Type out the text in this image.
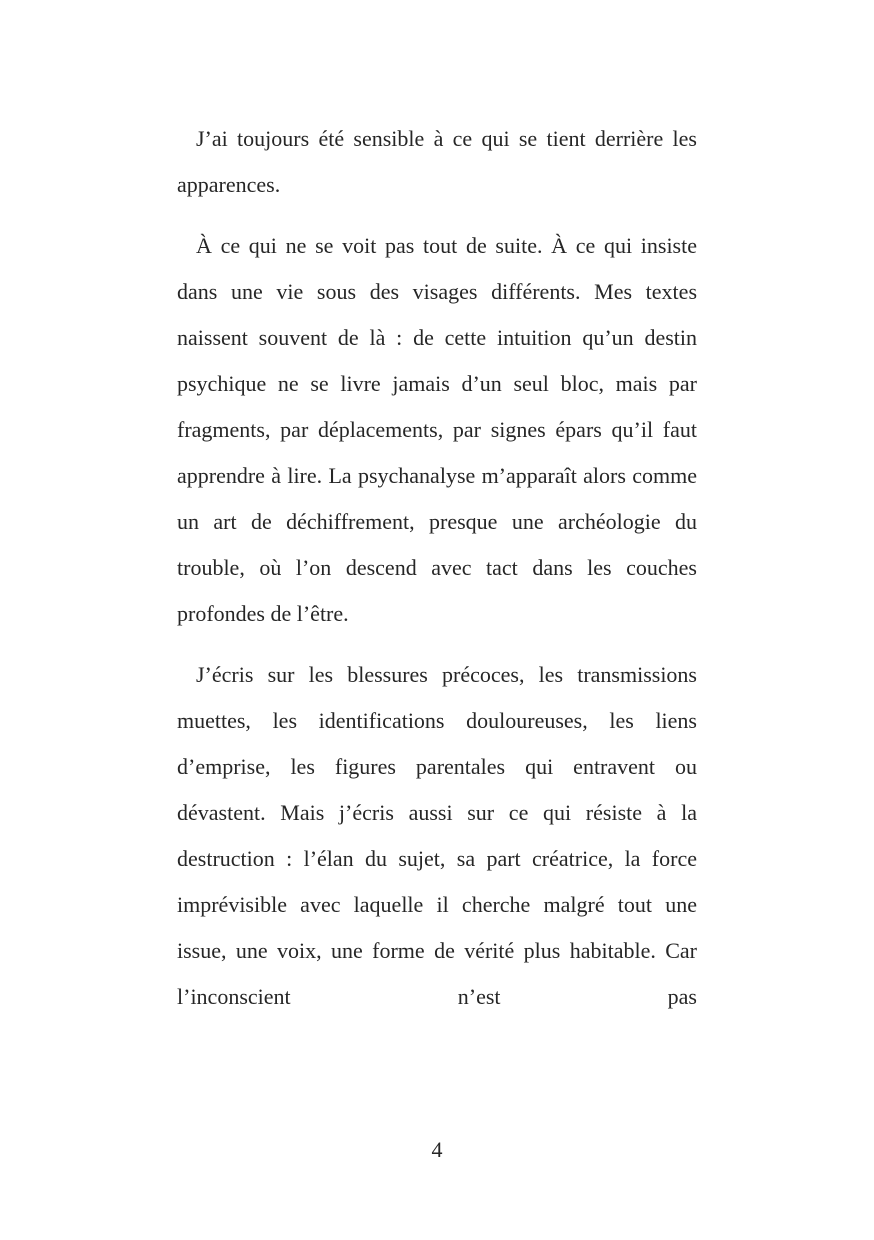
J’ai toujours été sensible à ce qui se tient derrière les apparences.

À ce qui ne se voit pas tout de suite. À ce qui insiste dans une vie sous des visages différents. Mes textes naissent souvent de là : de cette intuition qu’un destin psychique ne se livre jamais d’un seul bloc, mais par fragments, par déplacements, par signes épars qu’il faut apprendre à lire. La psychanalyse m’apparaît alors comme un art de déchiffrement, presque une archéologie du trouble, où l’on descend avec tact dans les couches profondes de l’être.

J’écris sur les blessures précoces, les transmissions muettes, les identifications douloureuses, les liens d’emprise, les figures parentales qui entravent ou dévastent. Mais j’écris aussi sur ce qui résiste à la destruction : l’élan du sujet, sa part créatrice, la force imprévisible avec laquelle il cherche malgré tout une issue, une voix, une forme de vérité plus habitable. Car l’inconscient n’est pas

4
